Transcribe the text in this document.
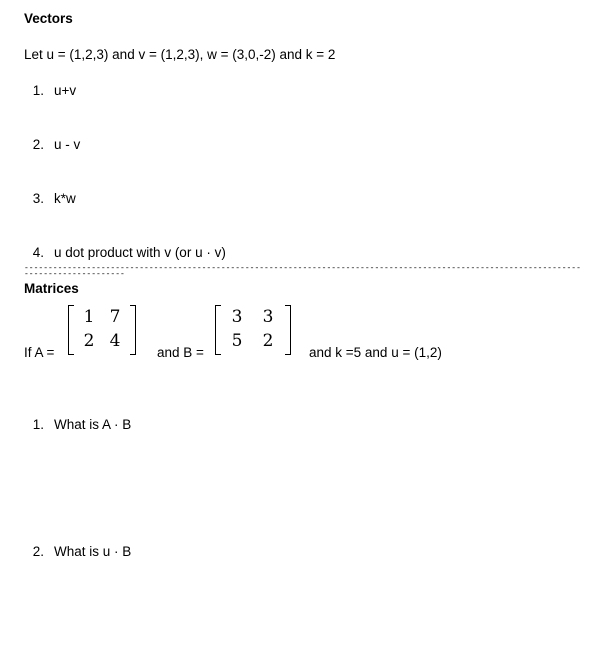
Vectors
Let u = (1,2,3) and v = (1,2,3), w = (3,0,-2) and k = 2
1. u+v
2. u - v
3. k*w
4. u dot product with v (or u · v)
-----------------------------------------------------------------------------------------------------------------------------------------
Matrices
If A =
1 7
2 4
and B =
3 3
5 2
and k =5 and u = (1,2)
1. What is A · B
2. What is u · B
